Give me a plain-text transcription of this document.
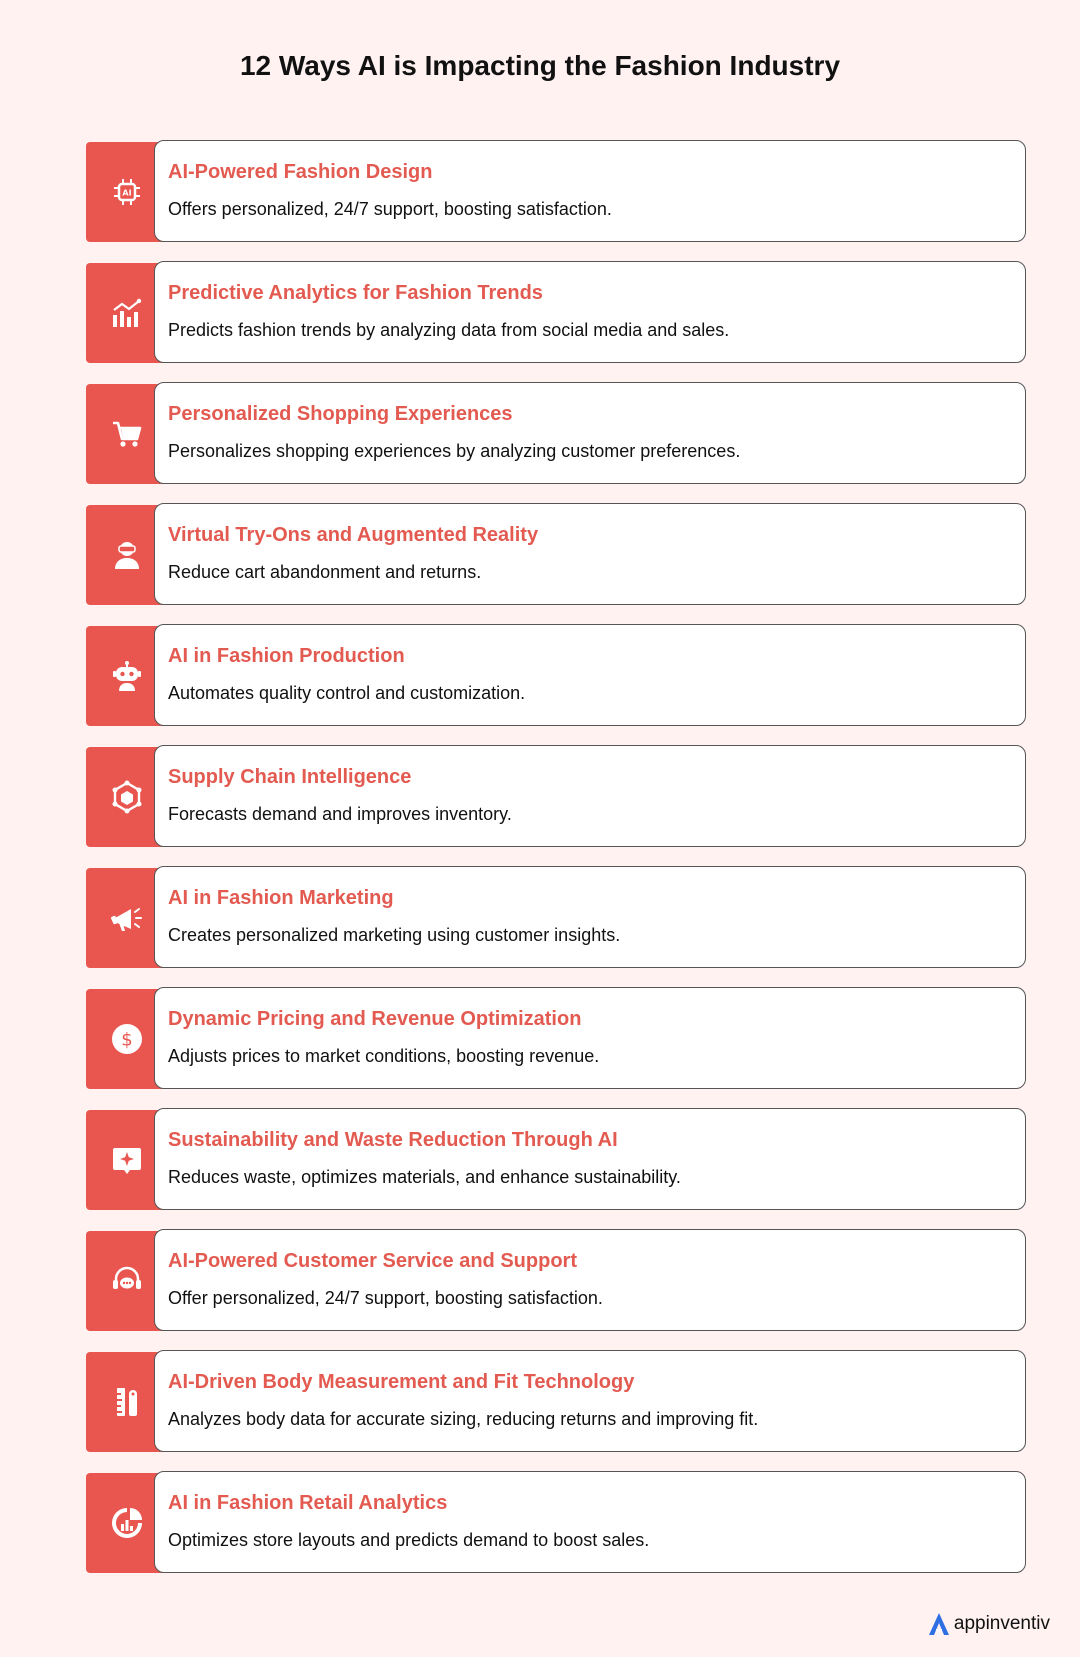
12 Ways AI is Impacting the Fashion Industry
AI
AI-Powered Fashion Design
Offers personalized, 24/7 support, boosting satisfaction.
Predictive Analytics for Fashion Trends
Predicts fashion trends by analyzing data from social media and sales.
Personalized Shopping Experiences
Personalizes shopping experiences by analyzing customer preferences.
Virtual Try-Ons and Augmented Reality
Reduce cart abandonment and returns.
AI in Fashion Production
Automates quality control and customization.
Supply Chain Intelligence
Forecasts demand and improves inventory.
AI in Fashion Marketing
Creates personalized marketing using customer insights.
$
Dynamic Pricing and Revenue Optimization
Adjusts prices to market conditions, boosting revenue.
Sustainability and Waste Reduction Through AI
Reduces waste, optimizes materials, and enhance sustainability.
AI-Powered Customer Service and Support
Offer personalized, 24/7 support, boosting satisfaction.
AI-Driven Body Measurement and Fit Technology
Analyzes body data for accurate sizing, reducing returns and improving fit.
AI in Fashion Retail Analytics
Optimizes store layouts and predicts demand to boost sales.
appinventiv
